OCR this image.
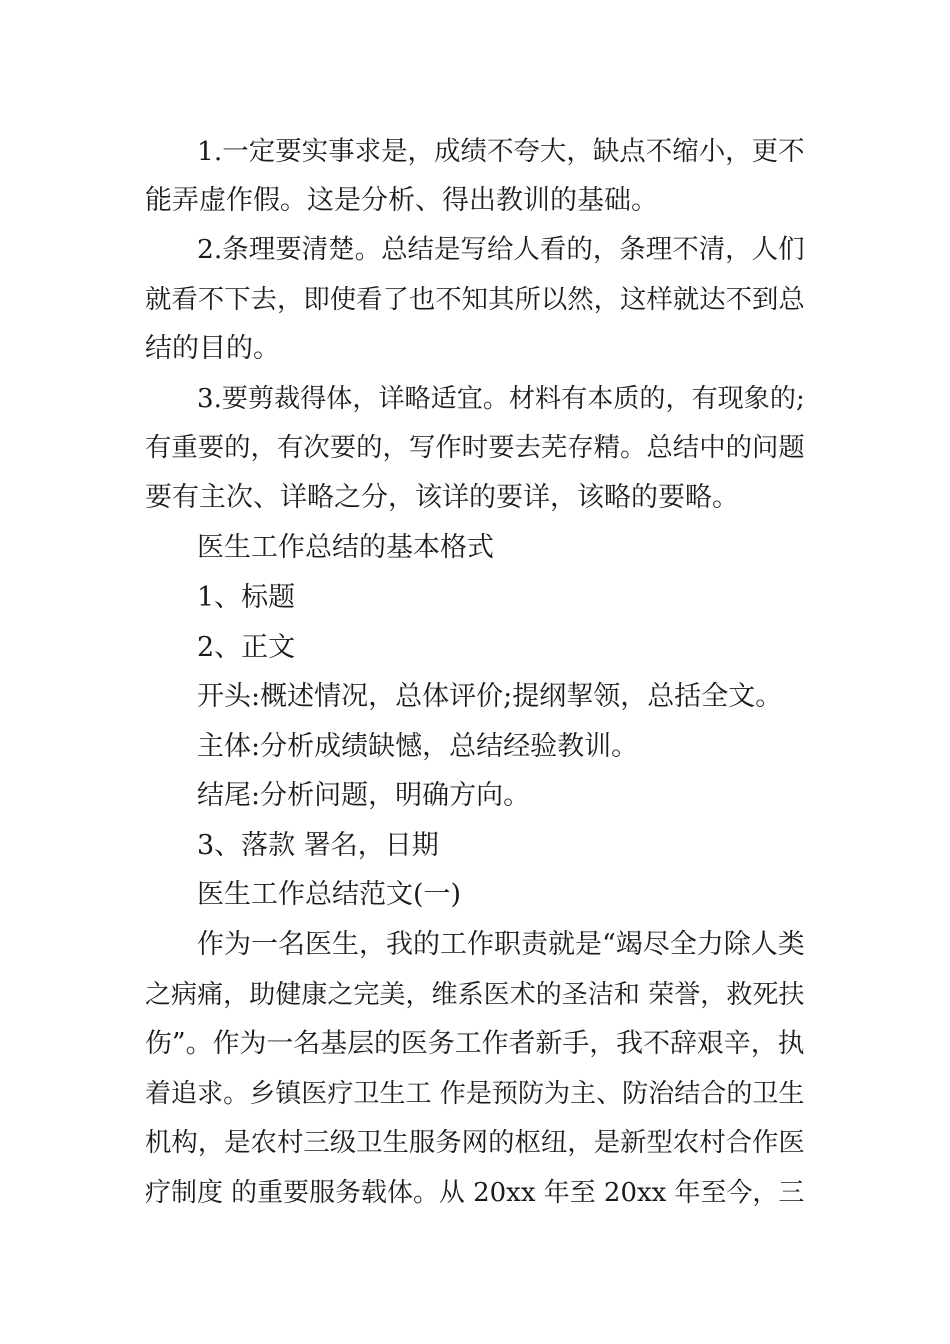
1.一定要实事求是，成绩不夸大，缺点不缩小，更不
能弄虚作假。这是分析、得出教训的基础。
2.条理要清楚。总结是写给人看的，条理不清，人们
就看不下去，即使看了也不知其所以然，这样就达不到总
结的目的。
3.要剪裁得体，详略适宜。材料有本质的，有现象的;
有重要的，有次要的，写作时要去芜存精。总结中的问题
要有主次、详略之分，该详的要详，该略的要略。
医生工作总结的基本格式
1、标题
2、正文
开头:概述情况，总体评价;提纲挈领，总括全文。
主体:分析成绩缺憾，总结经验教训。
结尾:分析问题，明确方向。
3、落款 署名，日期
医生工作总结范文(一)
作为一名医生，我的工作职责就是“竭尽全力除人类
之病痛，助健康之完美，维系医术的圣洁和 荣誉，救死扶
伤”。作为一名基层的医务工作者新手，我不辞艰辛，执
着追求。乡镇医疗卫生工 作是预防为主、防治结合的卫生
机构，是农村三级卫生服务网的枢纽，是新型农村合作医
疗制度 的重要服务载体。从 20xx 年至 20xx 年至今，三
